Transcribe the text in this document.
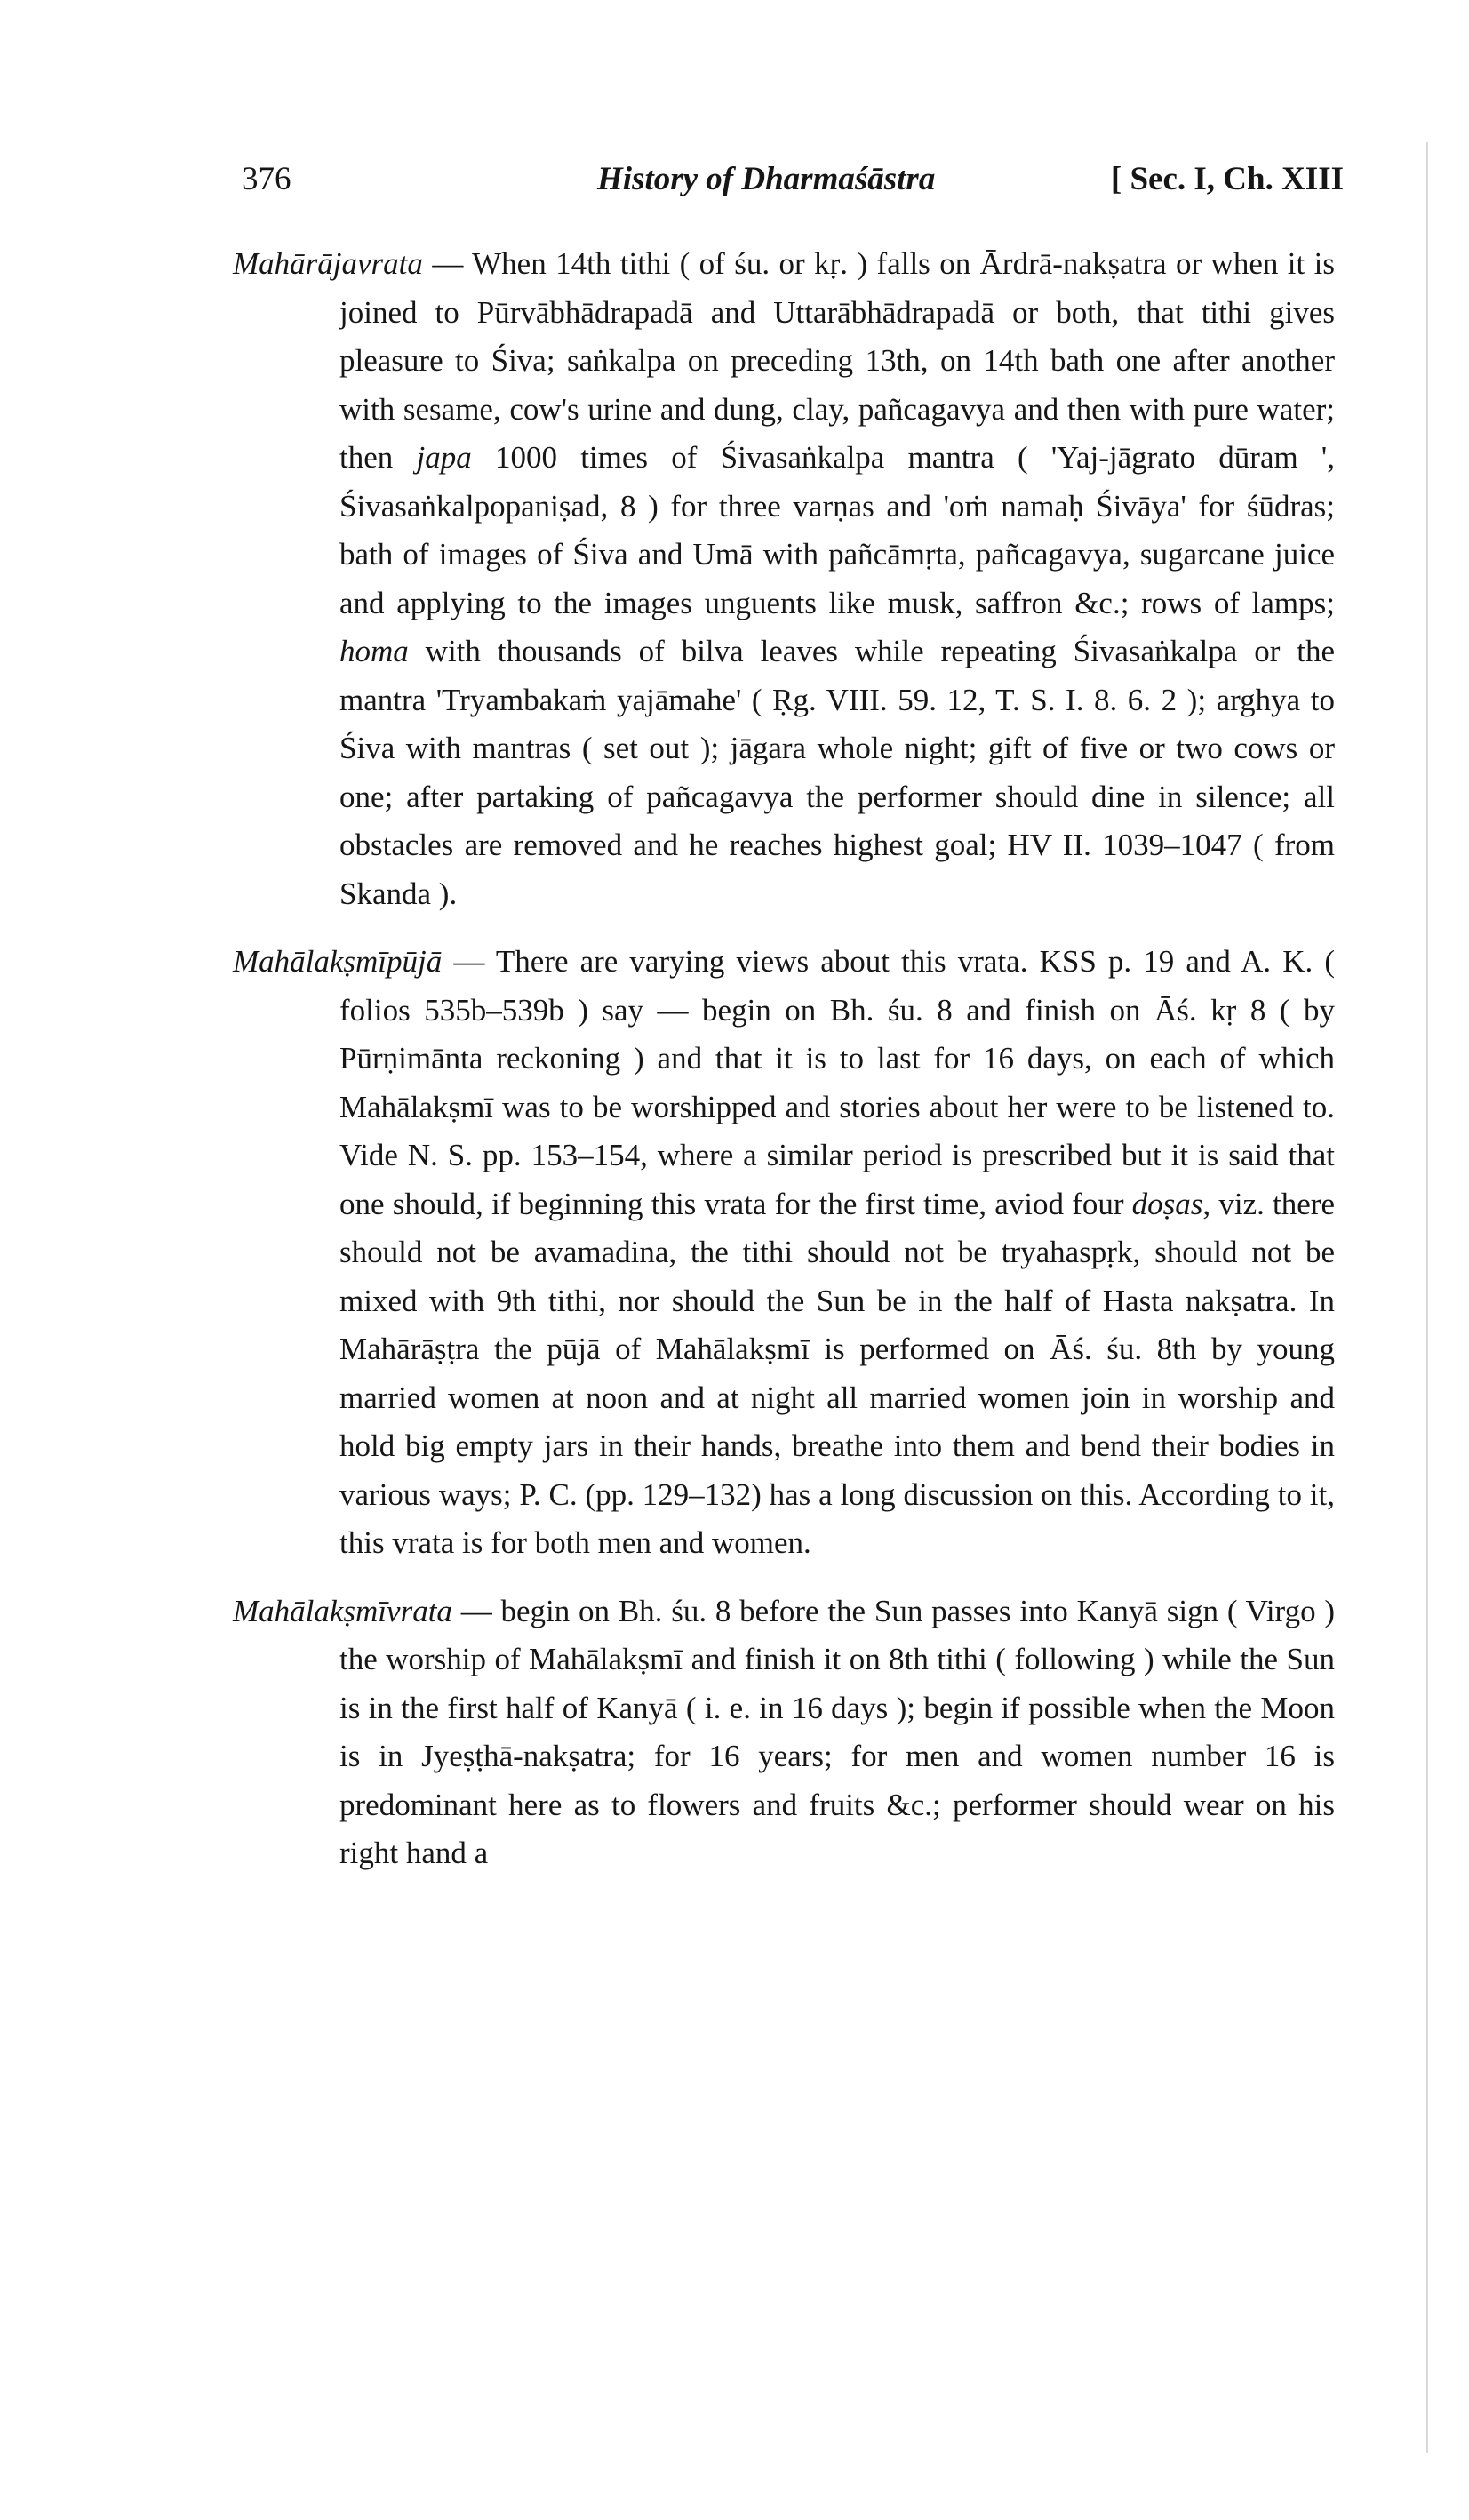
376	History of Dharmaśāstra	[ Sec. I, Ch. XIII

Mahārājavrata — When 14th tithi ( of śu. or kṛ. ) falls on Ārdrā-nakṣatra or when it is joined to Pūrvābhādrapadā and Uttarābhādrapadā or both, that tithi gives pleasure to Śiva; saṅkalpa on preceding 13th, on 14th bath one after another with sesame, cow's urine and dung, clay, pañcagavya and then with pure water; then japa 1000 times of Śivasaṅkalpa mantra ( 'Yaj-jāgrato dūram ', Śivasaṅkalpopaniṣad, 8 ) for three varṇas and 'oṁ namaḥ Śivāya' for śūdras; bath of images of Śiva and Umā with pañcāmṛta, pañcagavya, sugarcane juice and applying to the images unguents like musk, saffron &c.; rows of lamps; homa with thousands of bilva leaves while repeating Śivasaṅkalpa or the mantra 'Tryambakaṁ yajāmahe' ( Ṛg. VIII. 59. 12, T. S. I. 8. 6. 2 ); arghya to Śiva with mantras ( set out ); jāgara whole night; gift of five or two cows or one; after partaking of pañcagavya the performer should dine in silence; all obstacles are removed and he reaches highest goal; HV II. 1039–1047 ( from Skanda ).

Mahālakṣmīpūjā — There are varying views about this vrata. KSS p. 19 and A. K. ( folios 535b–539b ) say — begin on Bh. śu. 8 and finish on Āś. kṛ 8 ( by Pūrṇimānta reckoning ) and that it is to last for 16 days, on each of which Mahālakṣmī was to be worshipped and stories about her were to be listened to. Vide N. S. pp. 153–154, where a similar period is prescribed but it is said that one should, if beginning this vrata for the first time, aviod four doṣas, viz. there should not be avamadina, the tithi should not be tryahaspṛk, should not be mixed with 9th tithi, nor should the Sun be in the half of Hasta nakṣatra. In Mahārāṣṭra the pūjā of Mahālakṣmī is performed on Āś. śu. 8th by young married women at noon and at night all married women join in worship and hold big empty jars in their hands, breathe into them and bend their bodies in various ways; P. C. (pp. 129–132) has a long discussion on this. According to it, this vrata is for both men and women.

Mahālakṣmīvrata — begin on Bh. śu. 8 before the Sun passes into Kanyā sign ( Virgo ) the worship of Mahālakṣmī and finish it on 8th tithi ( following ) while the Sun is in the first half of Kanyā ( i. e. in 16 days ); begin if possible when the Moon is in Jyeṣṭhā-nakṣatra; for 16 years; for men and women number 16 is predominant here as to flowers and fruits &c.; performer should wear on his right hand a
